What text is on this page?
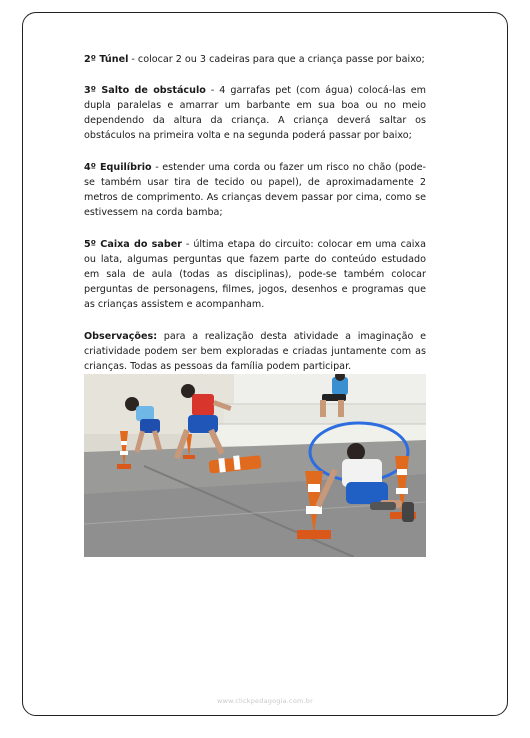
2º Túnel - colocar 2 ou 3 cadeiras para que a criança passe por baixo;

3º Salto de obstáculo - 4 garrafas pet (com água) colocá-las em dupla paralelas e amarrar um barbante em sua boa ou no meio dependendo da altura da criança. A criança deverá saltar os obstáculos na primeira volta e na segunda poderá passar por baixo;

4º Equilíbrio - estender uma corda ou fazer um risco no chão (pode-se também usar tira de tecido ou papel), de aproximadamente 2 metros de comprimento. As crianças devem passar por cima, como se estivessem na corda bamba;

5º Caixa do saber - última etapa do circuito: colocar em uma caixa ou lata, algumas perguntas que fazem parte do conteúdo estudado em sala de aula (todas as disciplinas), pode-se também colocar perguntas de personagens, filmes, jogos, desenhos e programas que as crianças assistem e acompanham.

Observações: para a realização desta atividade a imaginação e criatividade podem ser bem exploradas e criadas juntamente com as crianças. Todas as pessoas da família podem participar.

www.clickpedagogia.com.br
